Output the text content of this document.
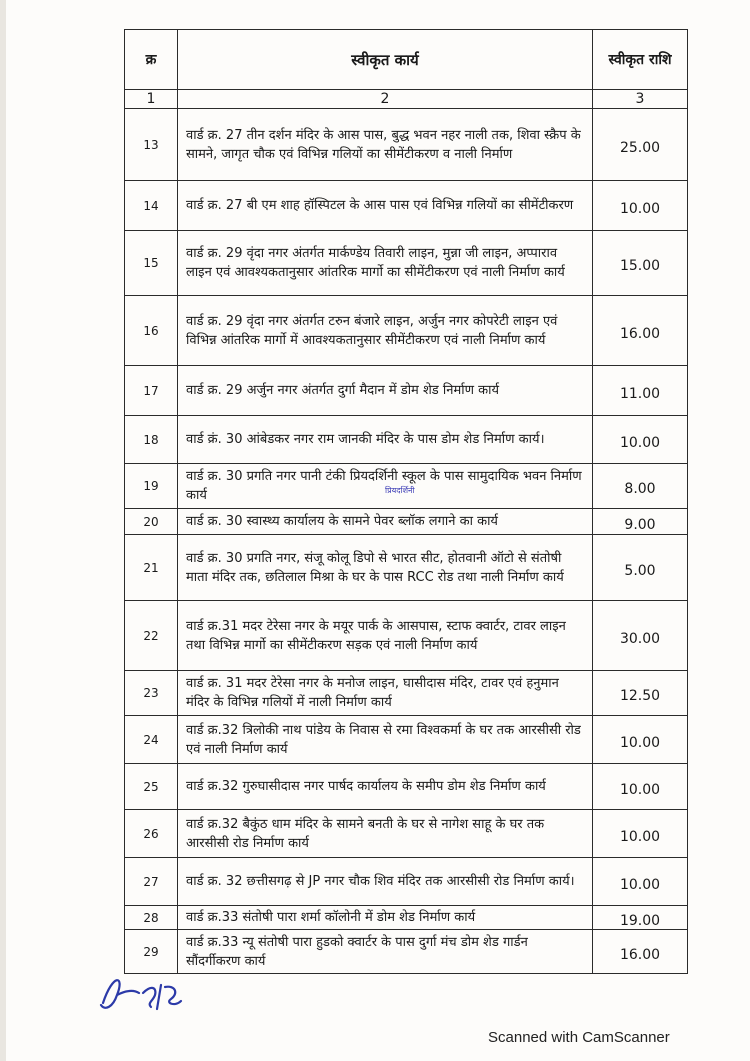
क्र	स्वीकृत कार्य	स्वीकृत राशि
1	2	3
13	वार्ड क्र. 27 तीन दर्शन मंदिर के आस पास, बुद्ध भवन नहर नाली तक, शिवा स्क्रैप के सामने, जागृत चौक एवं विभिन्न गलियों का सीमेंटीकरण व नाली निर्माण	25.00
14	वार्ड क्र. 27 बी एम शाह हॉस्पिटल के आस पास एवं विभिन्न गलियों का सीमेंटीकरण	10.00
15	वार्ड क्र. 29 वृंदा नगर अंतर्गत मार्कण्डेय तिवारी लाइन, मुन्ना जी लाइन, अप्पाराव लाइन एवं आवश्यकतानुसार आंतरिक मार्गो का सीमेंटीकरण एवं नाली निर्माण कार्य	15.00
16	वार्ड क्र. 29 वृंदा नगर अंतर्गत टरुन बंजारे लाइन, अर्जुन नगर कोपरेटी लाइन एवं विभिन्न आंतरिक मार्गो में आवश्यकतानुसार सीमेंटीकरण एवं नाली निर्माण कार्य	16.00
17	वार्ड क्र. 29 अर्जुन नगर अंतर्गत दुर्गा मैदान में डोम शेड निर्माण कार्य	11.00
18	वार्ड क्रं. 30 आंबेडकर नगर राम जानकी मंदिर के पास डोम शेड निर्माण कार्य।	10.00
19	वार्ड क्र. 30 प्रगति नगर पानी टंकी प्रियदर्शिनी स्कूल के पास सामुदायिक भवन निर्माण कार्य	8.00
20	वार्ड क्र. 30 स्वास्थ्य कार्यालय के सामने पेवर ब्लॉक लगाने का कार्य	9.00
21	वार्ड क्र. 30 प्रगति नगर, संजू कोलू डिपो से भारत सीट, होतवानी ऑटो से संतोषी माता मंदिर तक, छतिलाल मिश्रा के घर के पास RCC रोड तथा नाली निर्माण कार्य	5.00
22	वार्ड क्र.31 मदर टेरेसा नगर के मयूर पार्क के आसपास, स्टाफ क्वार्टर, टावर लाइन तथा विभिन्न मार्गो का सीमेंटीकरण सड़क एवं नाली निर्माण कार्य	30.00
23	वार्ड क्र. 31 मदर टेरेसा नगर के मनोज लाइन, घासीदास मंदिर, टावर एवं हनुमान मंदिर के विभिन्न गलियों में नाली निर्माण कार्य	12.50
24	वार्ड क्र.32 त्रिलोकी नाथ पांडेय के निवास से रमा विश्वकर्मा के घर तक आरसीसी रोड एवं नाली निर्माण कार्य	10.00
25	वार्ड क्र.32 गुरुघासीदास नगर पार्षद कार्यालय के समीप डोम शेड निर्माण कार्य	10.00
26	वार्ड क्र.32 बैकुंठ धाम मंदिर के सामने बनती के घर से नागेश साहू के घर तक आरसीसी रोड निर्माण कार्य	10.00
27	वार्ड क्र. 32 छत्तीसगढ़ से JP नगर चौक शिव मंदिर तक आरसीसी रोड निर्माण कार्य।	10.00
28	वार्ड क्र.33 संतोषी पारा शर्मा कॉलोनी में डोम शेड निर्माण कार्य	19.00
29	वार्ड क्र.33 न्यू संतोषी पारा हुडको क्वार्टर के पास दुर्गा मंच डोम शेड गार्डन सौंदर्गीकरण कार्य	16.00
प्रियदर्शिनी
Scanned with CamScanner
